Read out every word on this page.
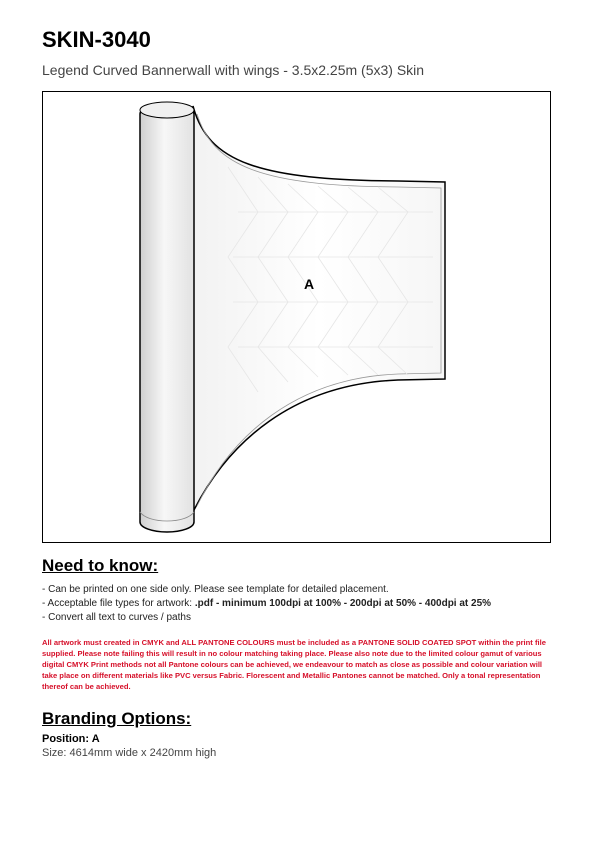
SKIN-3040
Legend Curved Bannerwall with wings - 3.5x2.25m (5x3) Skin
A
Need to know:
- Can be printed on one side only. Please see template for detailed placement.
- Acceptable file types for artwork: .pdf - minimum 100dpi at 100% - 200dpi at 50% - 400dpi at 25%
- Convert all text to curves / paths

All artwork must created in CMYK and ALL PANTONE COLOURS must be included as a PANTONE SOLID COATED SPOT within the print file supplied. Please note failing this will result in no colour matching taking place. Please also note due to the limited colour gamut of various digital CMYK Print methods not all Pantone colours can be achieved, we endeavour to match as close as possible and colour variation will take place on different materials like PVC versus Fabric. Florescent and Metallic Pantones cannot be matched. Only a tonal representation thereof can be achieved.

Branding Options:
Position: A
Size: 4614mm wide x 2420mm high
